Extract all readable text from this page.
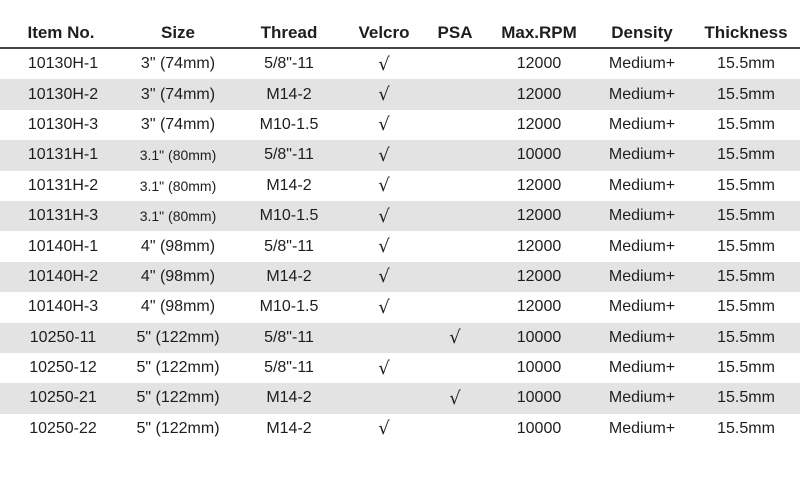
Item No.	Size	Thread	Velcro	PSA	Max.RPM	Density	Thickness
10130H-1	3" (74mm)	5/8"-11	√		12000	Medium+	15.5mm
10130H-2	3" (74mm)	M14-2	√		12000	Medium+	15.5mm
10130H-3	3" (74mm)	M10-1.5	√		12000	Medium+	15.5mm
10131H-1	3.1" (80mm)	5/8"-11	√		10000	Medium+	15.5mm
10131H-2	3.1" (80mm)	M14-2	√		12000	Medium+	15.5mm
10131H-3	3.1" (80mm)	M10-1.5	√		12000	Medium+	15.5mm
10140H-1	4" (98mm)	5/8"-11	√		12000	Medium+	15.5mm
10140H-2	4" (98mm)	M14-2	√		12000	Medium+	15.5mm
10140H-3	4" (98mm)	M10-1.5	√		12000	Medium+	15.5mm
10250-11	5" (122mm)	5/8"-11		√	10000	Medium+	15.5mm
10250-12	5" (122mm)	5/8"-11	√		10000	Medium+	15.5mm
10250-21	5" (122mm)	M14-2		√	10000	Medium+	15.5mm
10250-22	5" (122mm)	M14-2	√		10000	Medium+	15.5mm
